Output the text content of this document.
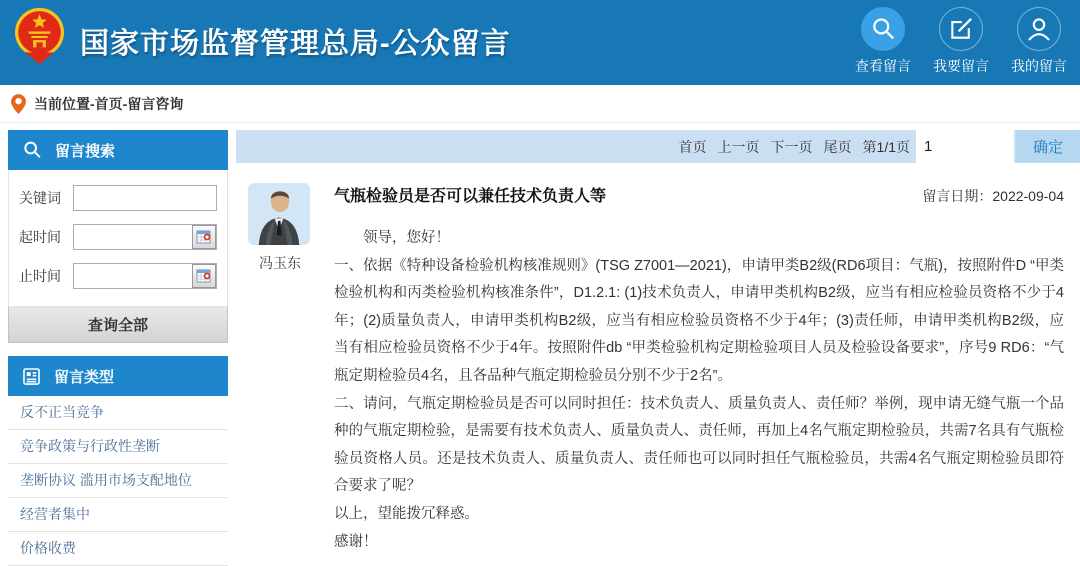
国家市场监督管理总局-公众留言
查看留言	我要留言	我的留言
当前位置-首页-留言咨询
留言搜索
关键词
起时间
止时间
查询全部
留言类型
反不正当竞争
竞争政策与行政性垄断
垄断协议 滥用市场支配地位
经营者集中
价格收费
首页 上一页 下一页 尾页 第1/1页
1	确定
冯玉东
气瓶检验员是否可以兼任技术负责人等	留言日期：2022-09-04
　　领导，您好！
一、依据《特种设备检验机构核准规则》(TSG Z7001—2021)，申请甲类B2级(RD6项目：气瓶)，按照附件D “甲类检验机构和丙类检验机构核准条件”，D1.2.1: (1)技术负责人，申请甲类机构B2级，应当有相应检验员资格不少于4年；(2)质量负责人，申请甲类机构B2级，应当有相应检验员资格不少于4年；(3)责任师，申请甲类机构B2级，应当有相应检验员资格不少于4年。按照附件db “甲类检验机构定期检验项目人员及检验设备要求”，序号9 RD6：“气瓶定期检验员4名，且各品种气瓶定期检验员分别不少于2名”。
二、请问，气瓶定期检验员是否可以同时担任：技术负责人、质量负责人、责任师？举例，现申请无缝气瓶一个品种的气瓶定期检验，是需要有技术负责人、质量负责人、责任师，再加上4名气瓶定期检验员，共需7名具有气瓶检验员资格人员。还是技术负责人、质量负责人、责任师也可以同时担任气瓶检验员，共需4名气瓶定期检验员即符合要求了呢？
以上，望能拨冗释惑。
感谢！
